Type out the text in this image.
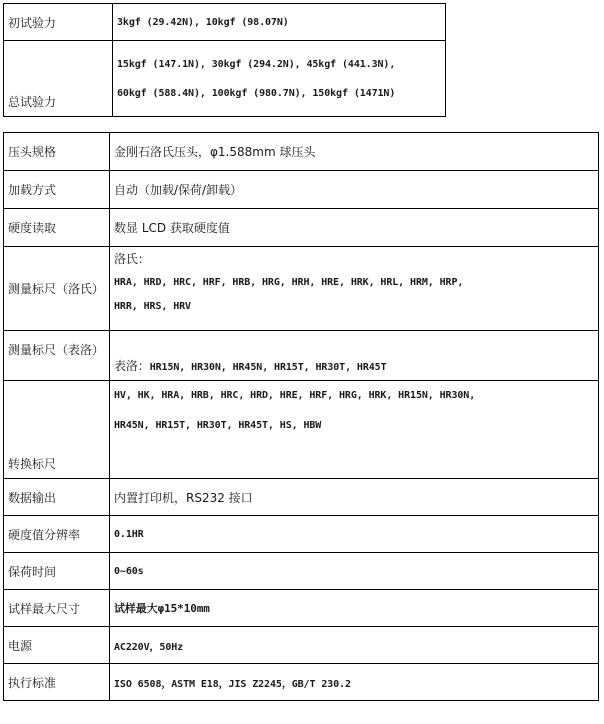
初试验力	3kgf (29.42N), 10kgf (98.07N)
总试验力	15kgf (147.1N), 30kgf (294.2N), 45kgf (441.3N),
60kgf (588.4N), 100kgf (980.7N), 150kgf (1471N)
压头规格	金刚石洛氏压头，φ1.588mm 球压头
加载方式	自动（加载/保荷/卸载）
硬度读取	数显 LCD 获取硬度值
测量标尺（洛氏）	洛氏：
HRA, HRD, HRC, HRF, HRB, HRG, HRH, HRE, HRK, HRL, HRM, HRP,
HRR, HRS, HRV

测量标尺（表洛）	表洛：HR15N, HR30N, HR45N, HR15T, HR30T, HR45T
转换标尺	HV, HK, HRA, HRB, HRC, HRD, HRE, HRF, HRG, HRK, HR15N, HR30N,
HR45N, HR15T, HR30T, HR45T, HS, HBW

数据输出	内置打印机，RS232 接口
硬度值分辨率	0.1HR
保荷时间	0~60s
试样最大尺寸	试样最大φ15*10mm
电源	AC220V，50Hz
执行标准	ISO 6508，ASTM E18，JIS Z2245，GB/T 230.2
